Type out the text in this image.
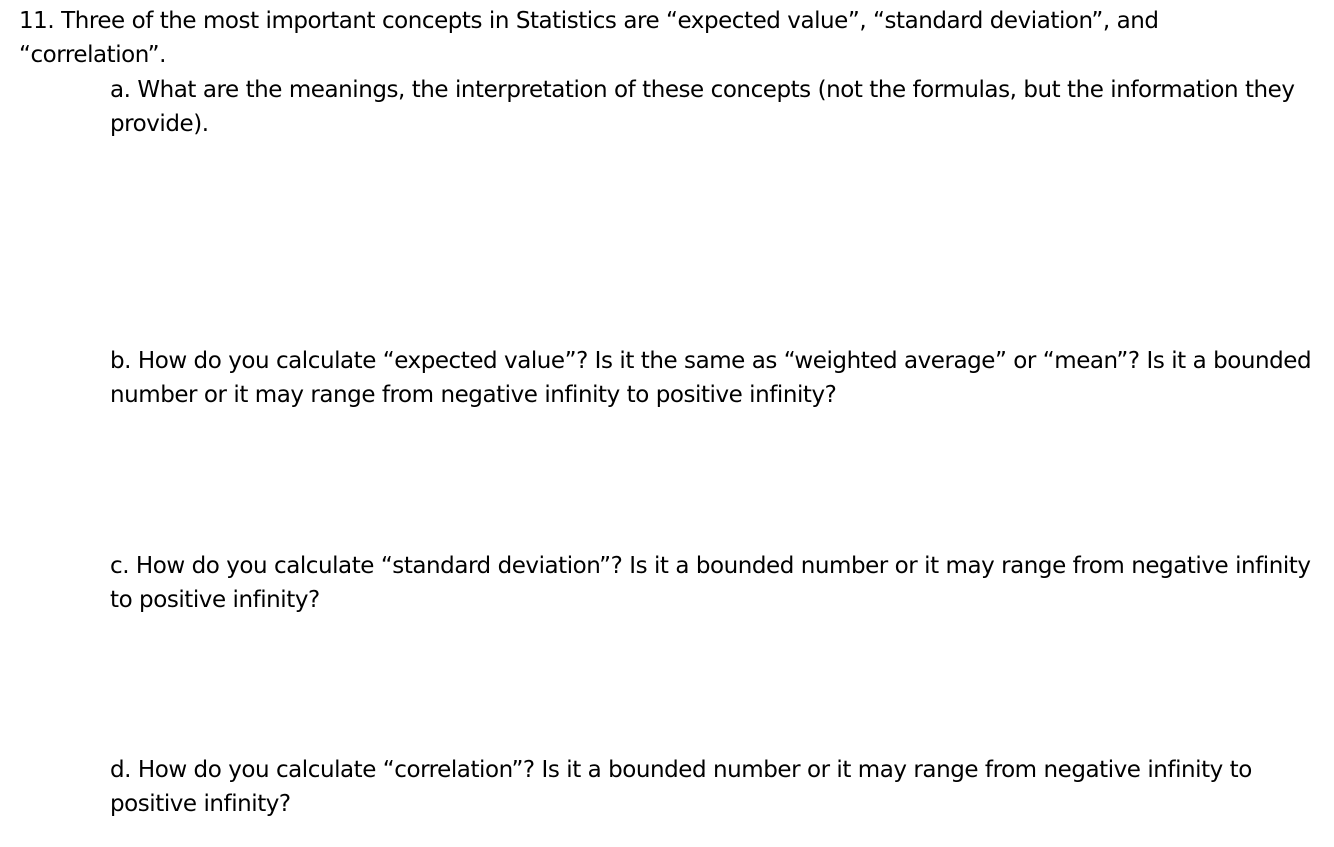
11. Three of the most important concepts in Statistics are “expected value”, “standard deviation”, and “correlation”.
a. What are the meanings, the interpretation of these concepts (not the formulas, but the information they provide).
b. How do you calculate “expected value”? Is it the same as “weighted average” or “mean”? Is it a bounded number or it may range from negative infinity to positive infinity?
c. How do you calculate “standard deviation”? Is it a bounded number or it may range from negative infinity to positive infinity?
d. How do you calculate “correlation”? Is it a bounded number or it may range from negative infinity to positive infinity?
